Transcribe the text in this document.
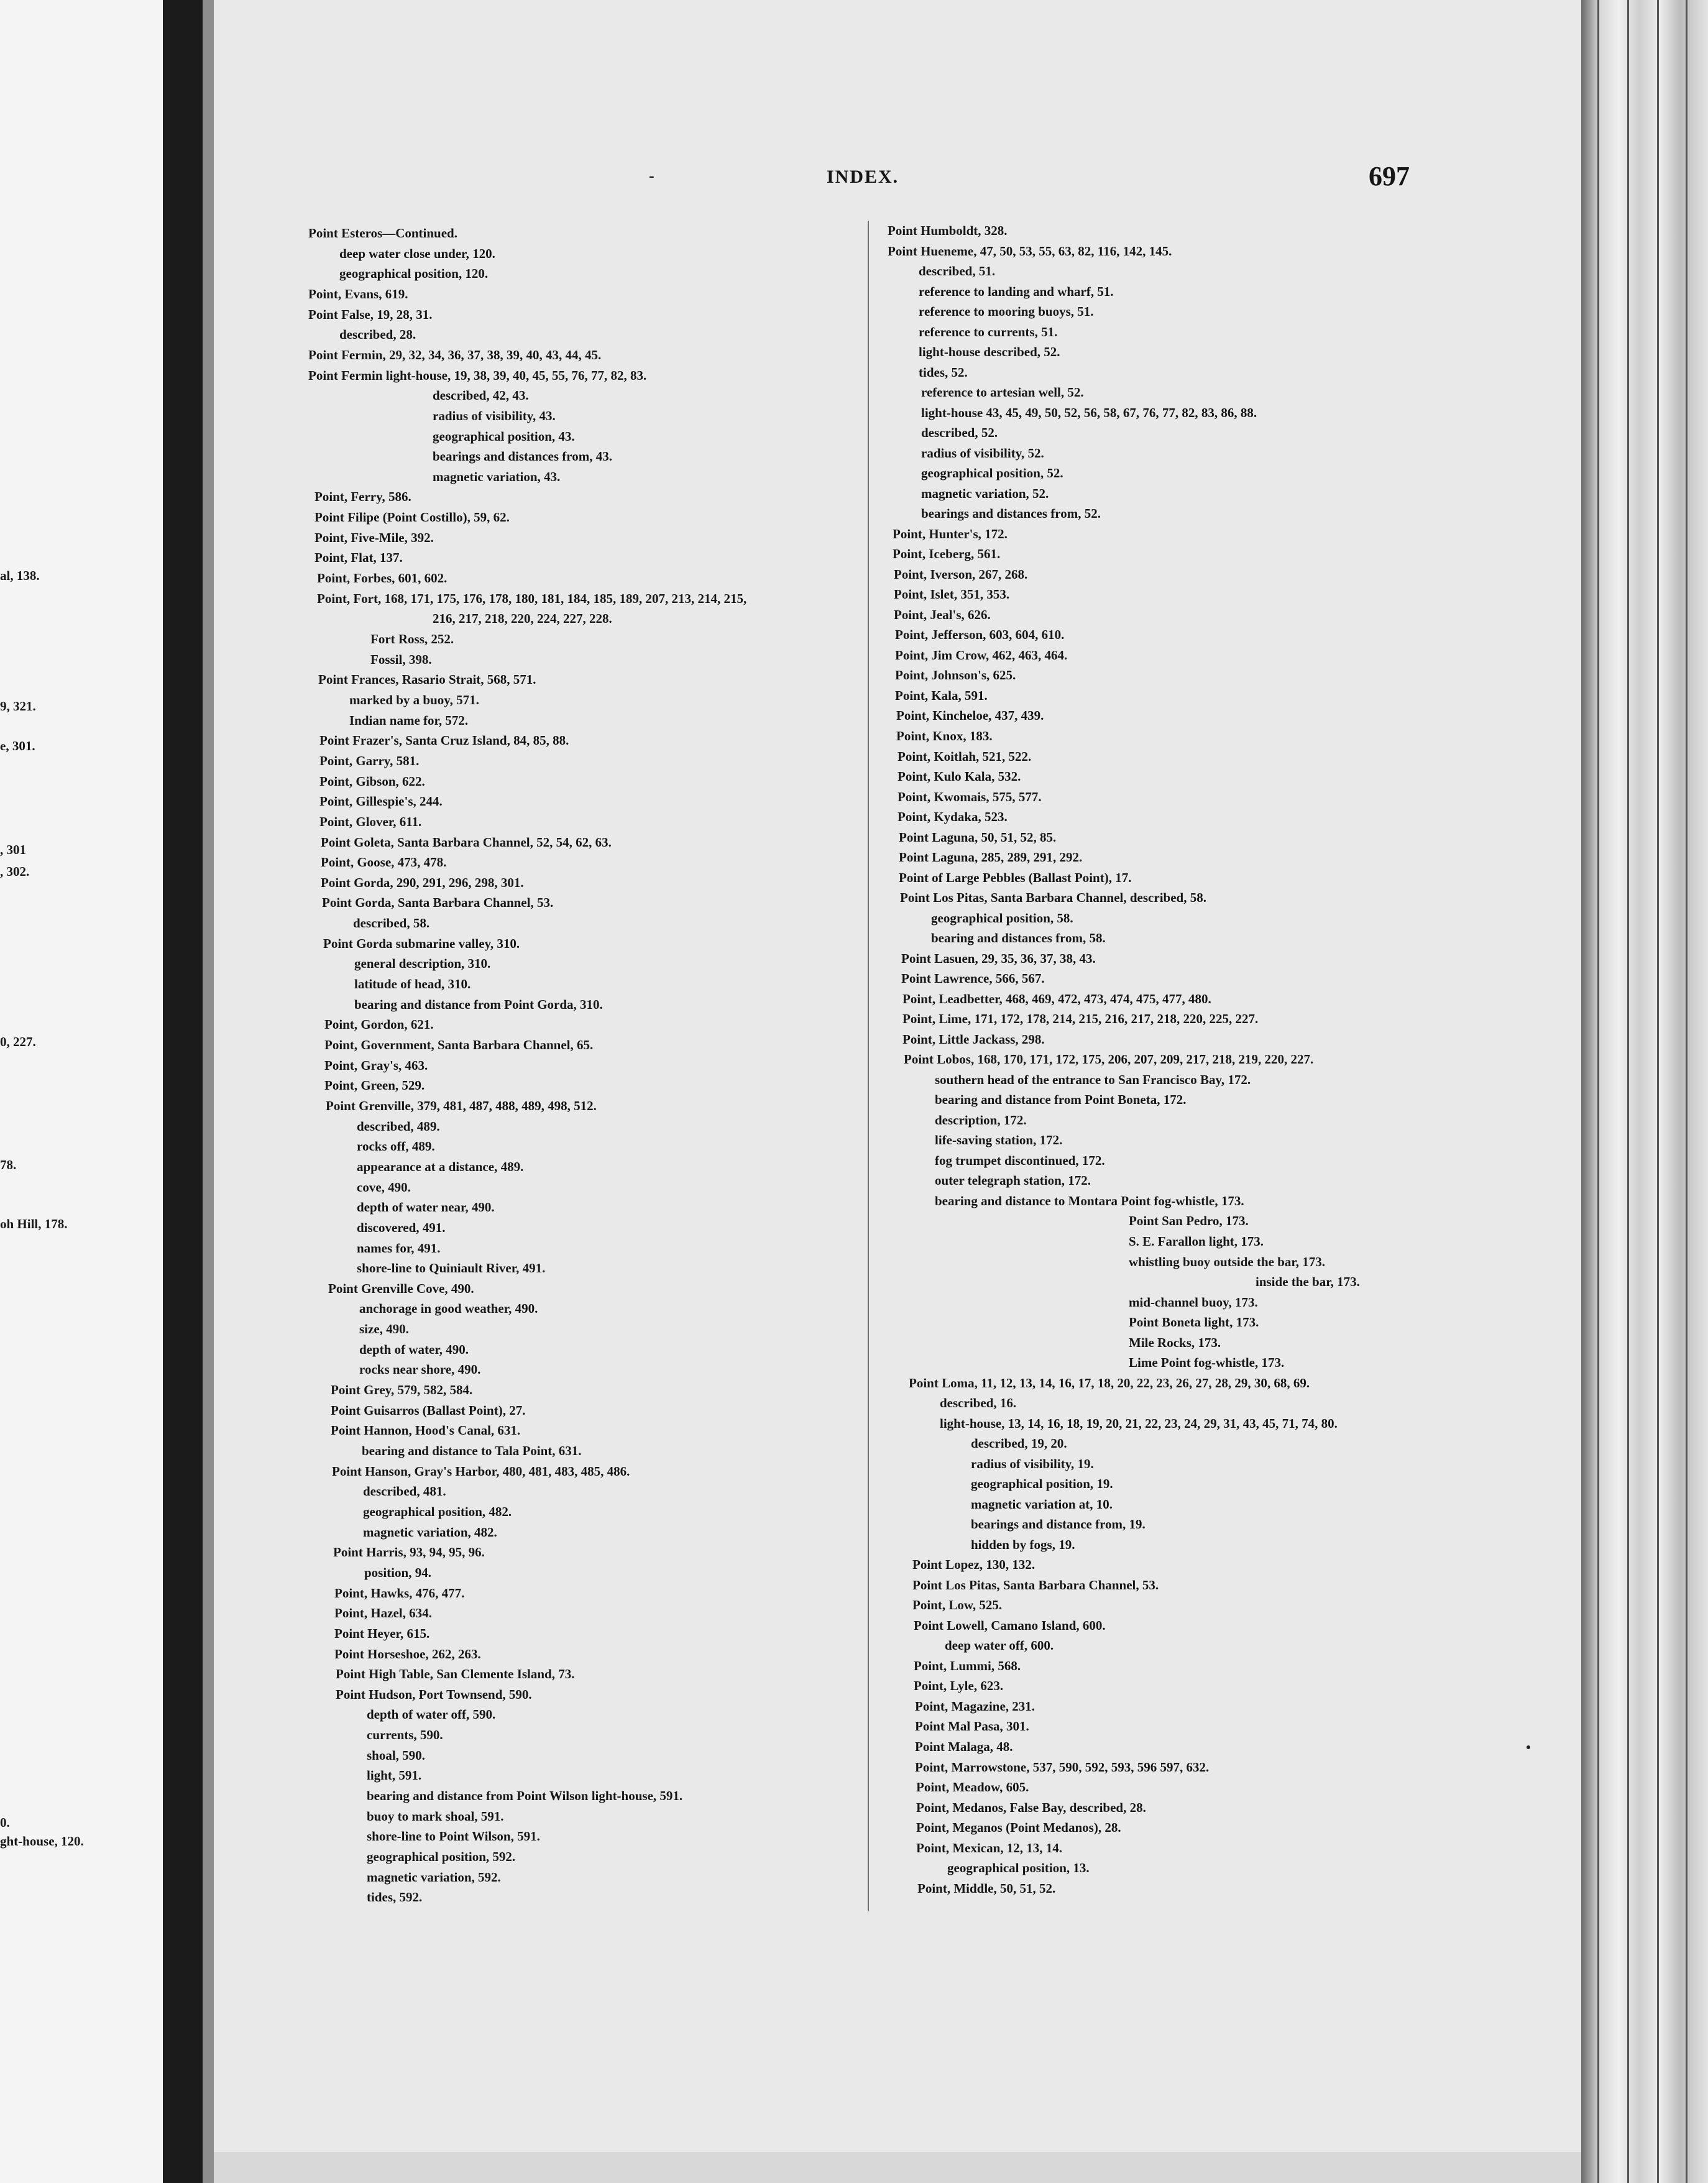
al, 138.
9, 321.
e, 301.
, 301
, 302.
0, 227.
78.
oh Hill, 178.
0.
ght-house, 120.
-	INDEX.	697
Point Esteros—Continued.
deep water close under, 120.
geographical position, 120.
Point, Evans, 619.
Point False, 19, 28, 31.
described, 28.
Point Fermin, 29, 32, 34, 36, 37, 38, 39, 40, 43, 44, 45.
Point Fermin light-house, 19, 38, 39, 40, 45, 55, 76, 77, 82, 83.
described, 42, 43.
radius of visibility, 43.
geographical position, 43.
bearings and distances from, 43.
magnetic variation, 43.
Point, Ferry, 586.
Point Filipe (Point Costillo), 59, 62.
Point, Five-Mile, 392.
Point, Flat, 137.
Point, Forbes, 601, 602.
Point, Fort, 168, 171, 175, 176, 178, 180, 181, 184, 185, 189, 207, 213, 214, 215,
216, 217, 218, 220, 224, 227, 228.
Fort Ross, 252.
Fossil, 398.
Point Frances, Rasario Strait, 568, 571.
marked by a buoy, 571.
Indian name for, 572.
Point Frazer's, Santa Cruz Island, 84, 85, 88.
Point, Garry, 581.
Point, Gibson, 622.
Point, Gillespie's, 244.
Point, Glover, 611.
Point Goleta, Santa Barbara Channel, 52, 54, 62, 63.
Point, Goose, 473, 478.
Point Gorda, 290, 291, 296, 298, 301.
Point Gorda, Santa Barbara Channel, 53.
described, 58.
Point Gorda submarine valley, 310.
general description, 310.
latitude of head, 310.
bearing and distance from Point Gorda, 310.
Point, Gordon, 621.
Point, Government, Santa Barbara Channel, 65.
Point, Gray's, 463.
Point, Green, 529.
Point Grenville, 379, 481, 487, 488, 489, 498, 512.
described, 489.
rocks off, 489.
appearance at a distance, 489.
cove, 490.
depth of water near, 490.
discovered, 491.
names for, 491.
shore-line to Quiniault River, 491.
Point Grenville Cove, 490.
anchorage in good weather, 490.
size, 490.
depth of water, 490.
rocks near shore, 490.
Point Grey, 579, 582, 584.
Point Guisarros (Ballast Point), 27.
Point Hannon, Hood's Canal, 631.
bearing and distance to Tala Point, 631.
Point Hanson, Gray's Harbor, 480, 481, 483, 485, 486.
described, 481.
geographical position, 482.
magnetic variation, 482.
Point Harris, 93, 94, 95, 96.
position, 94.
Point, Hawks, 476, 477.
Point, Hazel, 634.
Point Heyer, 615.
Point Horseshoe, 262, 263.
Point High Table, San Clemente Island, 73.
Point Hudson, Port Townsend, 590.
depth of water off, 590.
currents, 590.
shoal, 590.
light, 591.
bearing and distance from Point Wilson light-house, 591.
buoy to mark shoal, 591.
shore-line to Point Wilson, 591.
geographical position, 592.
magnetic variation, 592.
tides, 592.
Point Humboldt, 328.
Point Hueneme, 47, 50, 53, 55, 63, 82, 116, 142, 145.
described, 51.
reference to landing and wharf, 51.
reference to mooring buoys, 51.
reference to currents, 51.
light-house described, 52.
tides, 52.
reference to artesian well, 52.
light-house 43, 45, 49, 50, 52, 56, 58, 67, 76, 77, 82, 83, 86, 88.
described, 52.
radius of visibility, 52.
geographical position, 52.
magnetic variation, 52.
bearings and distances from, 52.
Point, Hunter's, 172.
Point, Iceberg, 561.
Point, Iverson, 267, 268.
Point, Islet, 351, 353.
Point, Jeal's, 626.
Point, Jefferson, 603, 604, 610.
Point, Jim Crow, 462, 463, 464.
Point, Johnson's, 625.
Point, Kala, 591.
Point, Kincheloe, 437, 439.
Point, Knox, 183.
Point, Koitlah, 521, 522.
Point, Kulo Kala, 532.
Point, Kwomais, 575, 577.
Point, Kydaka, 523.
Point Laguna, 50, 51, 52, 85.
Point Laguna, 285, 289, 291, 292.
Point of Large Pebbles (Ballast Point), 17.
Point Los Pitas, Santa Barbara Channel, described, 58.
geographical position, 58.
bearing and distances from, 58.
Point Lasuen, 29, 35, 36, 37, 38, 43.
Point Lawrence, 566, 567.
Point, Leadbetter, 468, 469, 472, 473, 474, 475, 477, 480.
Point, Lime, 171, 172, 178, 214, 215, 216, 217, 218, 220, 225, 227.
Point, Little Jackass, 298.
Point Lobos, 168, 170, 171, 172, 175, 206, 207, 209, 217, 218, 219, 220, 227.
southern head of the entrance to San Francisco Bay, 172.
bearing and distance from Point Boneta, 172.
description, 172.
life-saving station, 172.
fog trumpet discontinued, 172.
outer telegraph station, 172.
bearing and distance to Montara Point fog-whistle, 173.
Point San Pedro, 173.
S. E. Farallon light, 173.
whistling buoy outside the bar, 173.
inside the bar, 173.
mid-channel buoy, 173.
Point Boneta light, 173.
Mile Rocks, 173.
Lime Point fog-whistle, 173.
Point Loma, 11, 12, 13, 14, 16, 17, 18, 20, 22, 23, 26, 27, 28, 29, 30, 68, 69.
described, 16.
light-house, 13, 14, 16, 18, 19, 20, 21, 22, 23, 24, 29, 31, 43, 45, 71, 74, 80.
described, 19, 20.
radius of visibility, 19.
geographical position, 19.
magnetic variation at, 10.
bearings and distance from, 19.
hidden by fogs, 19.
Point Lopez, 130, 132.
Point Los Pitas, Santa Barbara Channel, 53.
Point, Low, 525.
Point Lowell, Camano Island, 600.
deep water off, 600.
Point, Lummi, 568.
Point, Lyle, 623.
Point, Magazine, 231.
Point Mal Pasa, 301.
Point Malaga, 48.
Point, Marrowstone, 537, 590, 592, 593, 596 597, 632.
Point, Meadow, 605.
Point, Medanos, False Bay, described, 28.
Point, Meganos (Point Medanos), 28.
Point, Mexican, 12, 13, 14.
geographical position, 13.
Point, Middle, 50, 51, 52.
